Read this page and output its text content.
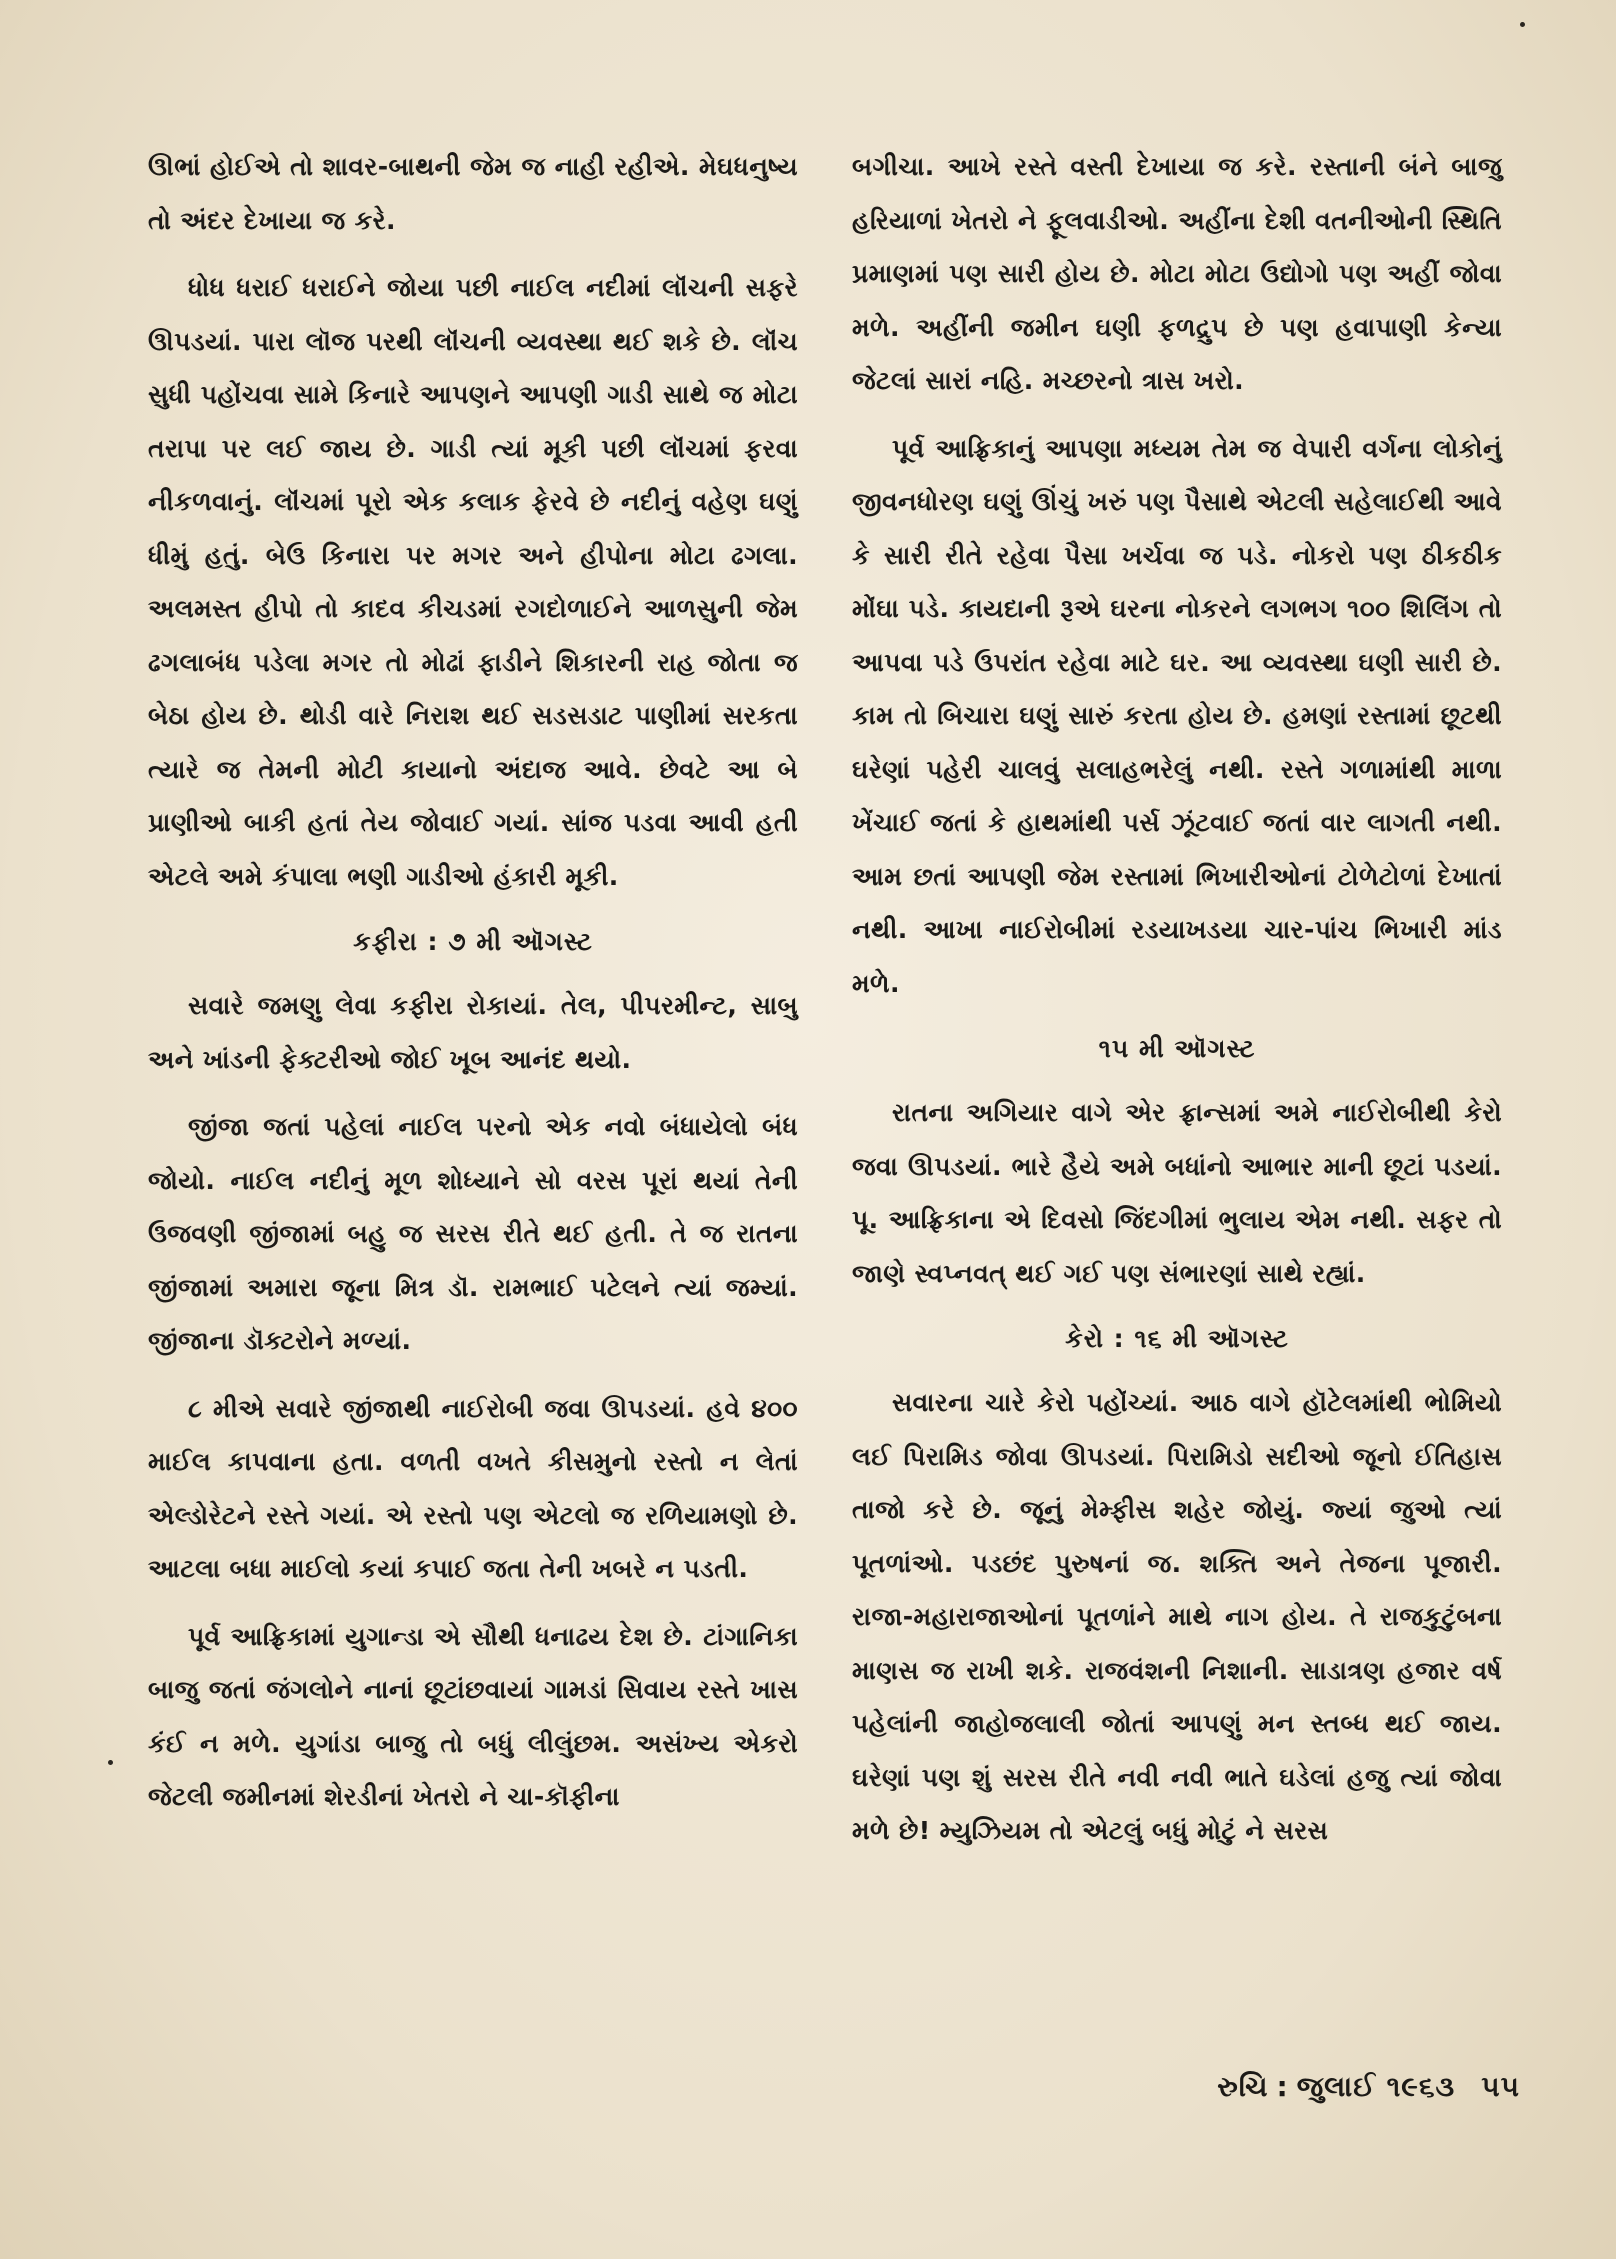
ઊભાં હોઈએ તો શાવર-બાથની જેમ જ નાહી રહીએ. મેઘધનુષ્ય તો અંદર દેખાયા જ કરે.

ધોધ ધરાઈ ધરાઈને જોયા પછી નાઈલ નદીમાં લૉંચની સફરે ઊપડયાં. પારા લૉજ પરથી લૉંચની વ્યવસ્થા થઈ શકે છે. લૉંચ સુધી પહોંચવા સામે કિનારે આપણને આપણી ગાડી સાથે જ મોટા તરાપા પર લઈ જાય છે. ગાડી ત્યાં મૂકી પછી લૉંચમાં ફરવા નીકળવાનું. લૉંચમાં પૂરો એક કલાક ફેરવે છે નદીનું વહેણ ઘણું ધીમું હતું. બેઉ કિનારા પર મગર અને હીપોના મોટા ઢગલા. અલમસ્ત હીપો તો કાદવ કીચડમાં રગદોળાઈને આળસુની જેમ ઢગલાબંધ પડેલા મગર તો મોઢાં ફાડીને શિકારની રાહ જોતા જ બેઠા હોય છે. થોડી વારે નિરાશ થઈ સડસડાટ પાણીમાં સરકતા ત્યારે જ તેમની મોટી કાયાનો અંદાજ આવે. છેવટે આ બે પ્રાણીઓ બાકી હતાં તેય જોવાઈ ગયાં. સાંજ પડવા આવી હતી એટલે અમે કંપાલા ભણી ગાડીઓ હંકારી મૂકી.

કફીરા : ૭ મી ઑગસ્ટ

સવારે જમણુ લેવા કફીરા રોકાયાં. તેલ, પીપરમીન્ટ, સાબુ અને ખાંડની ફેક્ટરીઓ જોઈ ખૂબ આનંદ થયો.

જીંજા જતાં પહેલાં નાઈલ પરનો એક નવો બંધાયેલો બંધ જોયો. નાઈલ નદીનું મૂળ શોધ્યાને સો વરસ પૂરાં થયાં તેની ઉજવણી જીંજામાં બહુ જ સરસ રીતે થઈ હતી. તે જ રાતના જીંજામાં અમારા જૂના મિત્ર ડૉ. રામભાઈ પટેલને ત્યાં જમ્યાં. જીંજાના ડૉક્ટરોને મળ્યાં.

૮ મીએ સવારે જીંજાથી નાઈરોબી જવા ઊપડયાં. હવે ૪૦૦ માઈલ કાપવાના હતા. વળતી વખતે કીસમુનો રસ્તો ન લેતાં એલ્ડોરેટને રસ્તે ગયાં. એ રસ્તો પણ એટલો જ રળિયામણો છે. આટલા બધા માઈલો કયાં કપાઈ જતા તેની ખબરે ન પડતી.

પૂર્વ આફ્રિકામાં યુગાન્ડા એ સૌથી ધનાઢય દેશ છે. ટાંગાનિકા બાજુ જતાં જંગલોને નાનાં છૂટાંછવાયાં ગામડાં સિવાય રસ્તે ખાસ કંઈ ન મળે. યુગાંડા બાજુ તો બધું લીલુંછમ. અસંખ્ય એકરો જેટલી જમીનમાં શેરડીનાં ખેતરો ને ચા-કૉફીના

બગીચા. આખે રસ્તે વસ્તી દેખાયા જ કરે. રસ્તાની બંને બાજુ હરિયાળાં ખેતરો ને ફૂલવાડીઓ. અહીંના દેશી વતનીઓની સ્થિતિ પ્રમાણમાં પણ સારી હોય છે. મોટા મોટા ઉદ્યોગો પણ અહીં જોવા મળે. અહીંની જમીન ઘણી ફળદ્રુપ છે પણ હવાપાણી કેન્યા જેટલાં સારાં નહિ. મચ્છરનો ત્રાસ ખરો.

પૂર્વ આફ્રિકાનું આપણા મધ્યમ તેમ જ વેપારી વર્ગના લોકોનું જીવનધોરણ ઘણું ઊંચું ખરું પણ પૈસાથે એટલી સહેલાઈથી આવે કે સારી રીતે રહેવા પૈસા ખર્ચવા જ પડે. નોકરો પણ ઠીકઠીક મોંઘા પડે. કાયદાની રૂએ ઘરના નોકરને લગભગ ૧૦૦ શિલિંગ તો આપવા પડે ઉપરાંત રહેવા માટે ઘર. આ વ્યવસ્થા ઘણી સારી છે. કામ તો બિચારા ઘણું સારું કરતા હોય છે. હમણાં રસ્તામાં છૂટથી ઘરેણાં પહેરી ચાલવું સલાહભરેલું નથી. રસ્તે ગળામાંથી માળા ખેંચાઈ જતાં કે હાથમાંથી પર્સ ઝૂંટવાઈ જતાં વાર લાગતી નથી. આમ છતાં આપણી જેમ રસ્તામાં ભિખારીઓનાં ટોળેટોળાં દેખાતાં નથી. આખા નાઈરોબીમાં રડયાખડયા ચાર-પાંચ ભિખારી માંડ મળે.

૧૫ મી ઑગસ્ટ

રાતના અગિયાર વાગે એર ફ્રાન્સમાં અમે નાઈરોબીથી કેરો જવા ઊપડયાં. ભારે હૈયે અમે બધાંનો આભાર માની છૂટાં પડયાં. પૂ. આફ્રિકાના એ દિવસો જિંદગીમાં ભુલાય એમ નથી. સફર તો જાણે સ્વપ્નવત્ થઈ ગઈ પણ સંભારણાં સાથે રહ્યાં.

કેરો : ૧૬ મી ઑગસ્ટ

સવારના ચારે કેરો પહોંચ્યાં. આઠ વાગે હૉટેલમાંથી ભોમિયો લઈ પિરામિડ જોવા ઊપડયાં. પિરામિડો સદીઓ જૂનો ઈતિહાસ તાજો કરે છે. જૂનું મેમ્ફીસ શહેર જોયું. જ્યાં જુઓ ત્યાં પૂતળાંઓ. પડછંદ પુરુષનાં જ. શક્તિ અને તેજના પૂજારી. રાજા-મહારાજાઓનાં પૂતળાંને માથે નાગ હોય. તે રાજકુટુંબના માણસ જ રાખી શકે. રાજવંશની નિશાની. સાડાત્રણ હજાર વર્ષ પહેલાંની જાહોજલાલી જોતાં આપણું મન સ્તબ્ધ થઈ જાય. ઘરેણાં પણ શું સરસ રીતે નવી નવી ભાતે ઘડેલાં હજુ ત્યાં જોવા મળે છે! મ્યુઝિયમ તો એટલું બધું મોટું ને સરસ

રુચિ : જુલાઈ ૧૯૬૩ ૫૫
